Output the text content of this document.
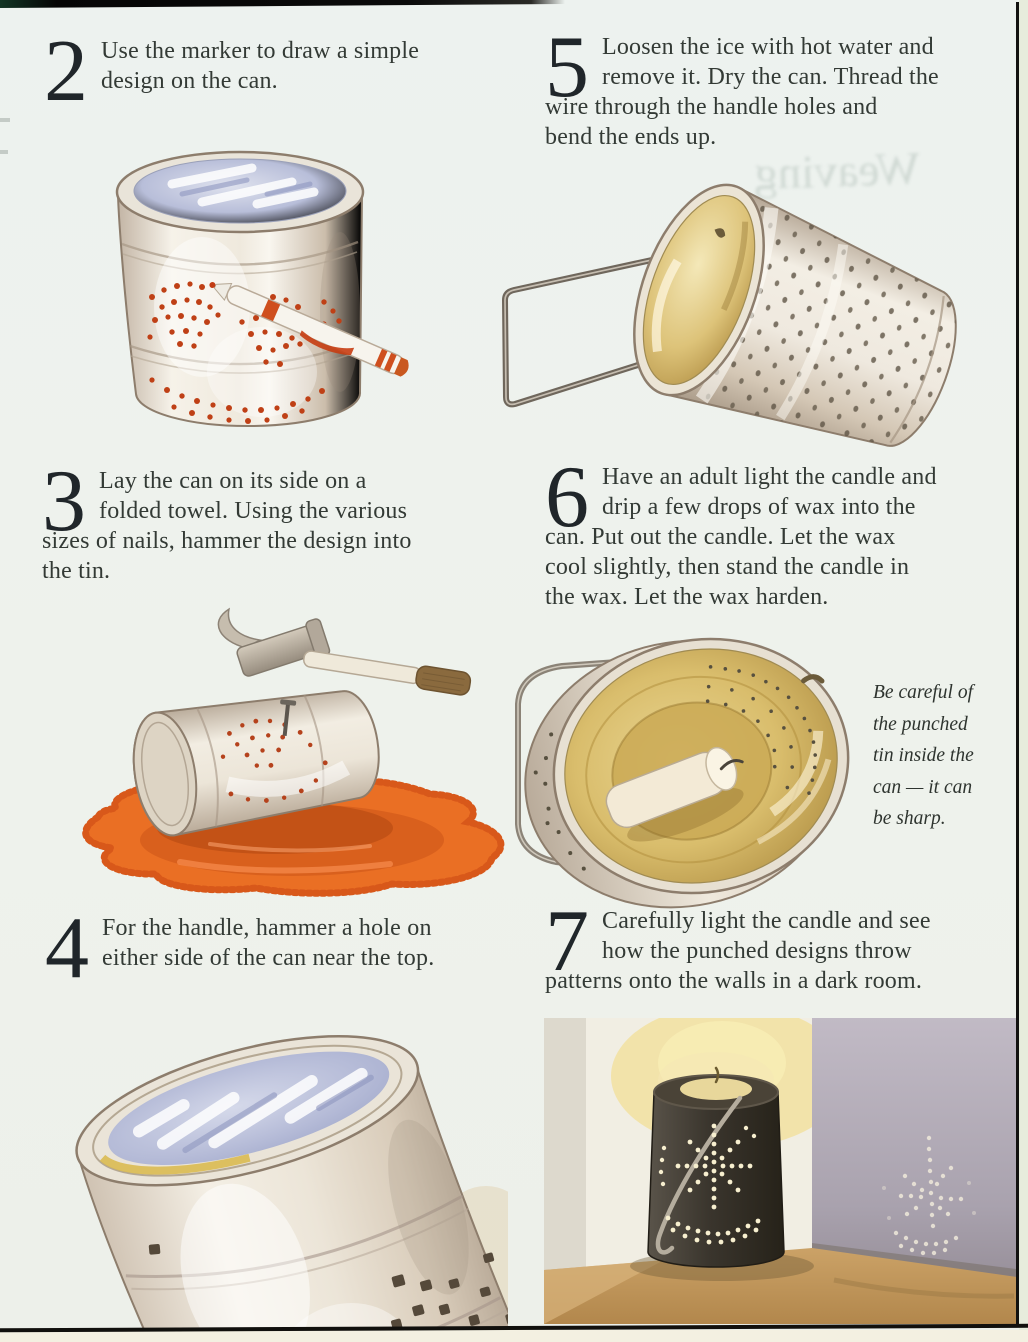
Weaving
2 Use the marker to draw a simple
design on the can.	5 Loosen the ice with hot water and
remove it. Dry the can. Thread the
wire through the handle holes and
bend the ends up.
3 Lay the can on its side on a
folded towel. Using the various
sizes of nails, hammer the design into
the tin.
6 Have an adult light the candle and
drip a few drops of wax into the
can. Put out the candle. Let the wax
cool slightly, then stand the candle in
the wax. Let the wax harden.
Be careful of
the punched
tin inside the
can — it can
be sharp.
4 For the handle, hammer a hole on
either side of the can near the top.	7 Carefully light the candle and see
how the punched designs throw
patterns onto the walls in a dark room.
